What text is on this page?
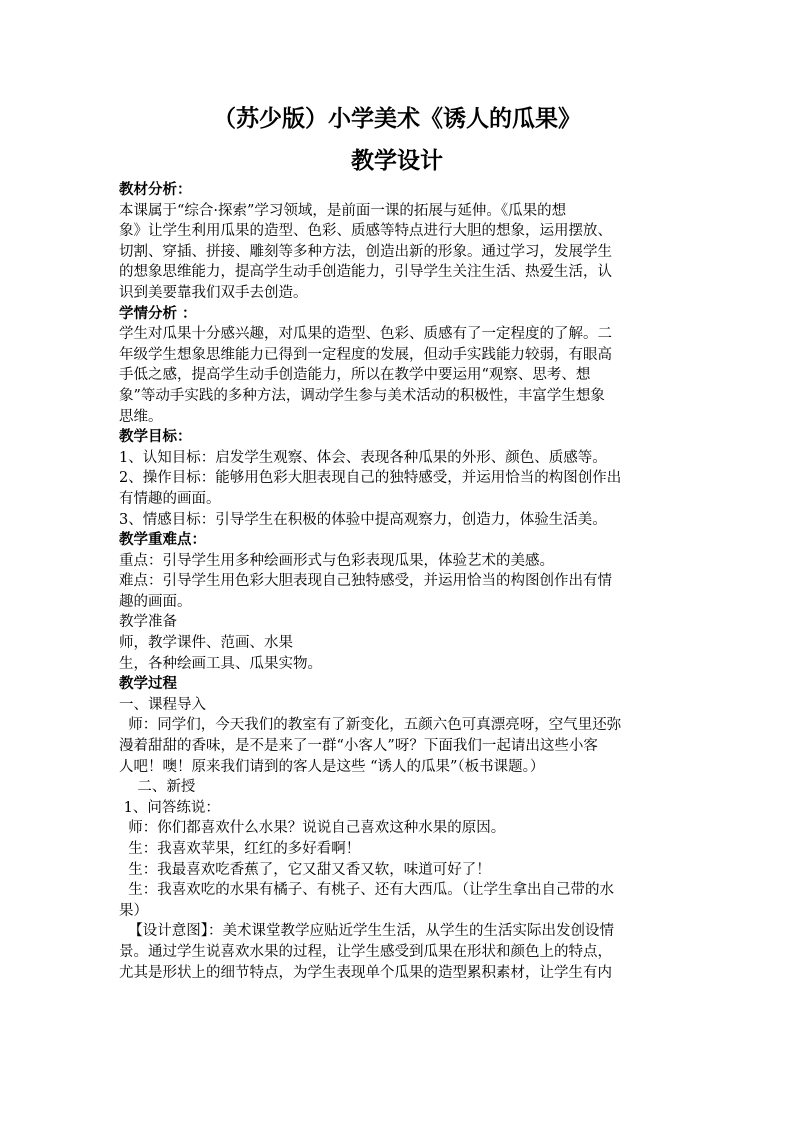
（苏少版）小学美术《诱人的瓜果》
教学设计
教材分析：
本课属于“综合·探索”学习领域，是前面一课的拓展与延伸。《瓜果的想
象》让学生利用瓜果的造型、色彩、质感等特点进行大胆的想象，运用摆放、
切割、穿插、拼接、雕刻等多种方法，创造出新的形象。通过学习，发展学生
的想象思维能力，提高学生动手创造能力，引导学生关注生活、热爱生活，认
识到美要靠我们双手去创造。
学情分析 ：
学生对瓜果十分感兴趣，对瓜果的造型、色彩、质感有了一定程度的了解。二
年级学生想象思维能力已得到一定程度的发展，但动手实践能力较弱，有眼高
手低之感，提高学生动手创造能力，所以在教学中要运用“观察、思考、想
象”等动手实践的多种方法，调动学生参与美术活动的积极性，丰富学生想象
思维。
教学目标：
1、认知目标：启发学生观察、体会、表现各种瓜果的外形、颜色、质感等。
2、操作目标：能够用色彩大胆表现自己的独特感受，并运用恰当的构图创作出
有情趣的画面。
3、情感目标：引导学生在积极的体验中提高观察力，创造力，体验生活美。
教学重难点：
重点：引导学生用多种绘画形式与色彩表现瓜果，体验艺术的美感。
难点：引导学生用色彩大胆表现自己独特感受，并运用恰当的构图创作出有情
趣的画面。
教学准备
师，教学课件、范画、水果
生，各种绘画工具、瓜果实物。
教学过程
一、课程导入
师：同学们，今天我们的教室有了新变化，五颜六色可真漂亮呀，空气里还弥
漫着甜甜的香味，是不是来了一群“小客人”呀？下面我们一起请出这些小客
人吧！噢！原来我们请到的客人是这些 “诱人的瓜果”（板书课题。）
二、新授
1、问答练说：
师：你们都喜欢什么水果？说说自己喜欢这种水果的原因。
生：我喜欢苹果，红红的多好看啊！
生：我最喜欢吃香蕉了，它又甜又香又软，味道可好了！
生：我喜欢吃的水果有橘子、有桃子、还有大西瓜。（让学生拿出自己带的水
果）
【设计意图】：美术课堂教学应贴近学生生活，从学生的生活实际出发创设情
景。通过学生说喜欢水果的过程，让学生感受到瓜果在形状和颜色上的特点，
尤其是形状上的细节特点，为学生表现单个瓜果的造型累积素材，让学生有内
